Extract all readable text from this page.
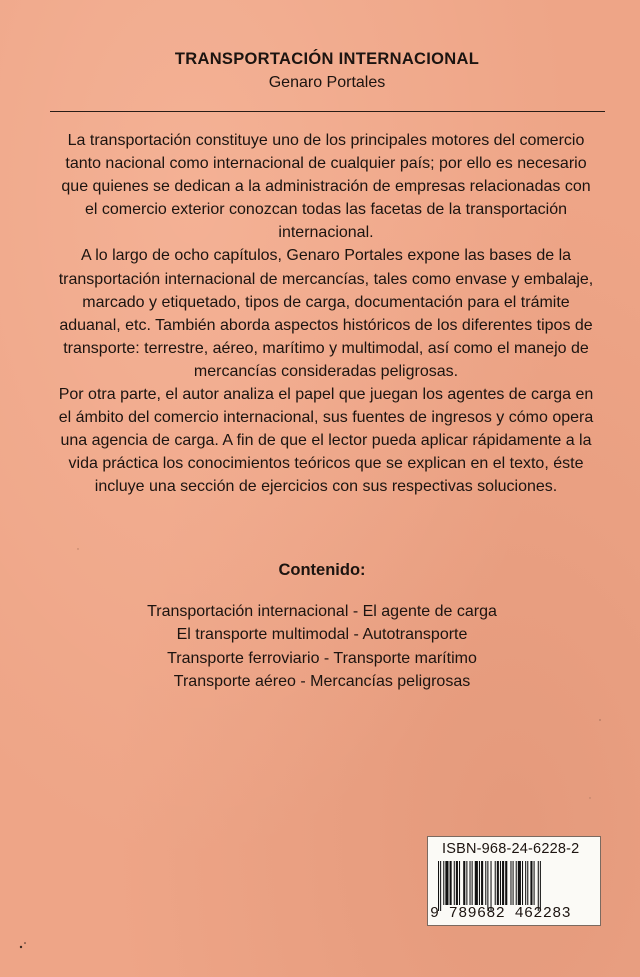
TRANSPORTACIÓN INTERNACIONAL

Genaro Portales

La transportación constituye uno de los principales motores del comercio tanto nacional como internacional de cualquier país; por ello es necesario que quienes se dedican a la administración de empresas relacionadas con el comercio exterior conozcan todas las facetas de la transportación internacional.

A lo largo de ocho capítulos, Genaro Portales expone las bases de la transportación internacional de mercancías, tales como envase y embalaje, marcado y etiquetado, tipos de carga, documentación para el trámite aduanal, etc. También aborda aspectos históricos de los diferentes tipos de transporte: terrestre, aéreo, marítimo y multimodal, así como el manejo de mercancías consideradas peligrosas.

Por otra parte, el autor analiza el papel que juegan los agentes de carga en el ámbito del comercio internacional, sus fuentes de ingresos y cómo opera una agencia de carga. A fin de que el lector pueda aplicar rápidamente a la vida práctica los conocimientos teóricos que se explican en el texto, éste incluye una sección de ejercicios con sus respectivas soluciones.

Contenido:
Transportación internacional - El agente de carga
El transporte multimodal - Autotransporte
Transporte ferroviario - Transporte marítimo
Transporte aéreo - Mercancías peligrosas

ISBN-968-24-6228-2

9 789682 462283
